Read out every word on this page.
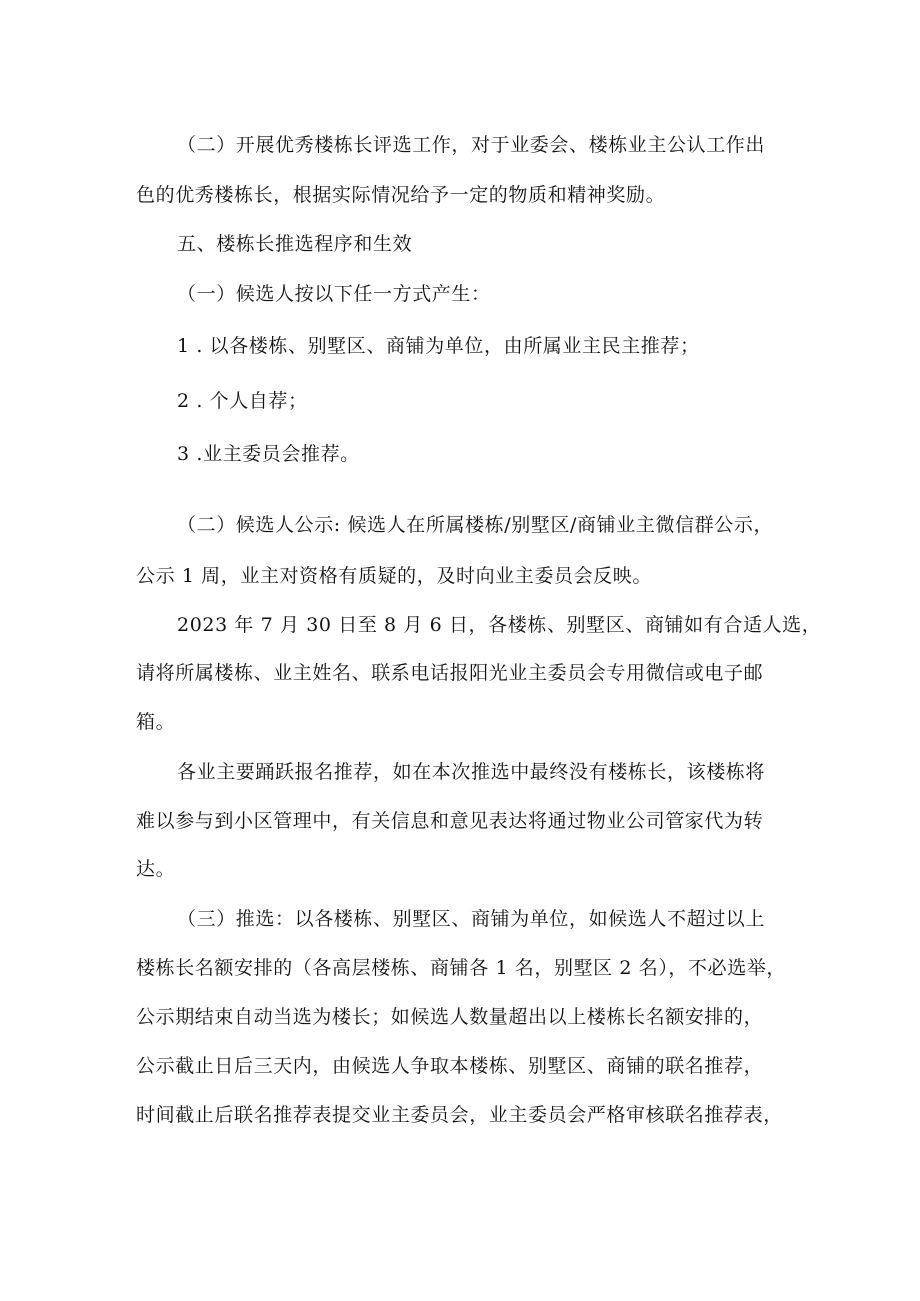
（二）开展优秀楼栋长评选工作，对于业委会、楼栋业主公认工作出
色的优秀楼栋长，根据实际情况给予一定的物质和精神奖励。
五、楼栋长推选程序和生效
（一）候选人按以下任一方式产生：
1 . 以各楼栋、别墅区、商铺为单位，由所属业主民主推荐；
2 . 个人自荐；
3 .业主委员会推荐。
（二）候选人公示: 候选人在所属楼栋/别墅区/商铺业主微信群公示，
公示 1 周，业主对资格有质疑的，及时向业主委员会反映。
2023 年 7 月 30 日至 8 月 6 日，各楼栋、别墅区、商铺如有合适人选，
请将所属楼栋、业主姓名、联系电话报阳光业主委员会专用微信或电子邮
箱。
各业主要踊跃报名推荐，如在本次推选中最终没有楼栋长，该楼栋将
难以参与到小区管理中，有关信息和意见表达将通过物业公司管家代为转
达。
（三）推选：以各楼栋、别墅区、商铺为单位，如候选人不超过以上
楼栋长名额安排的（各高层楼栋、商铺各 1 名，别墅区 2 名），不必选举，
公示期结束自动当选为楼长；如候选人数量超出以上楼栋长名额安排的，
公示截止日后三天内，由候选人争取本楼栋、别墅区、商铺的联名推荐，
时间截止后联名推荐表提交业主委员会，业主委员会严格审核联名推荐表，
